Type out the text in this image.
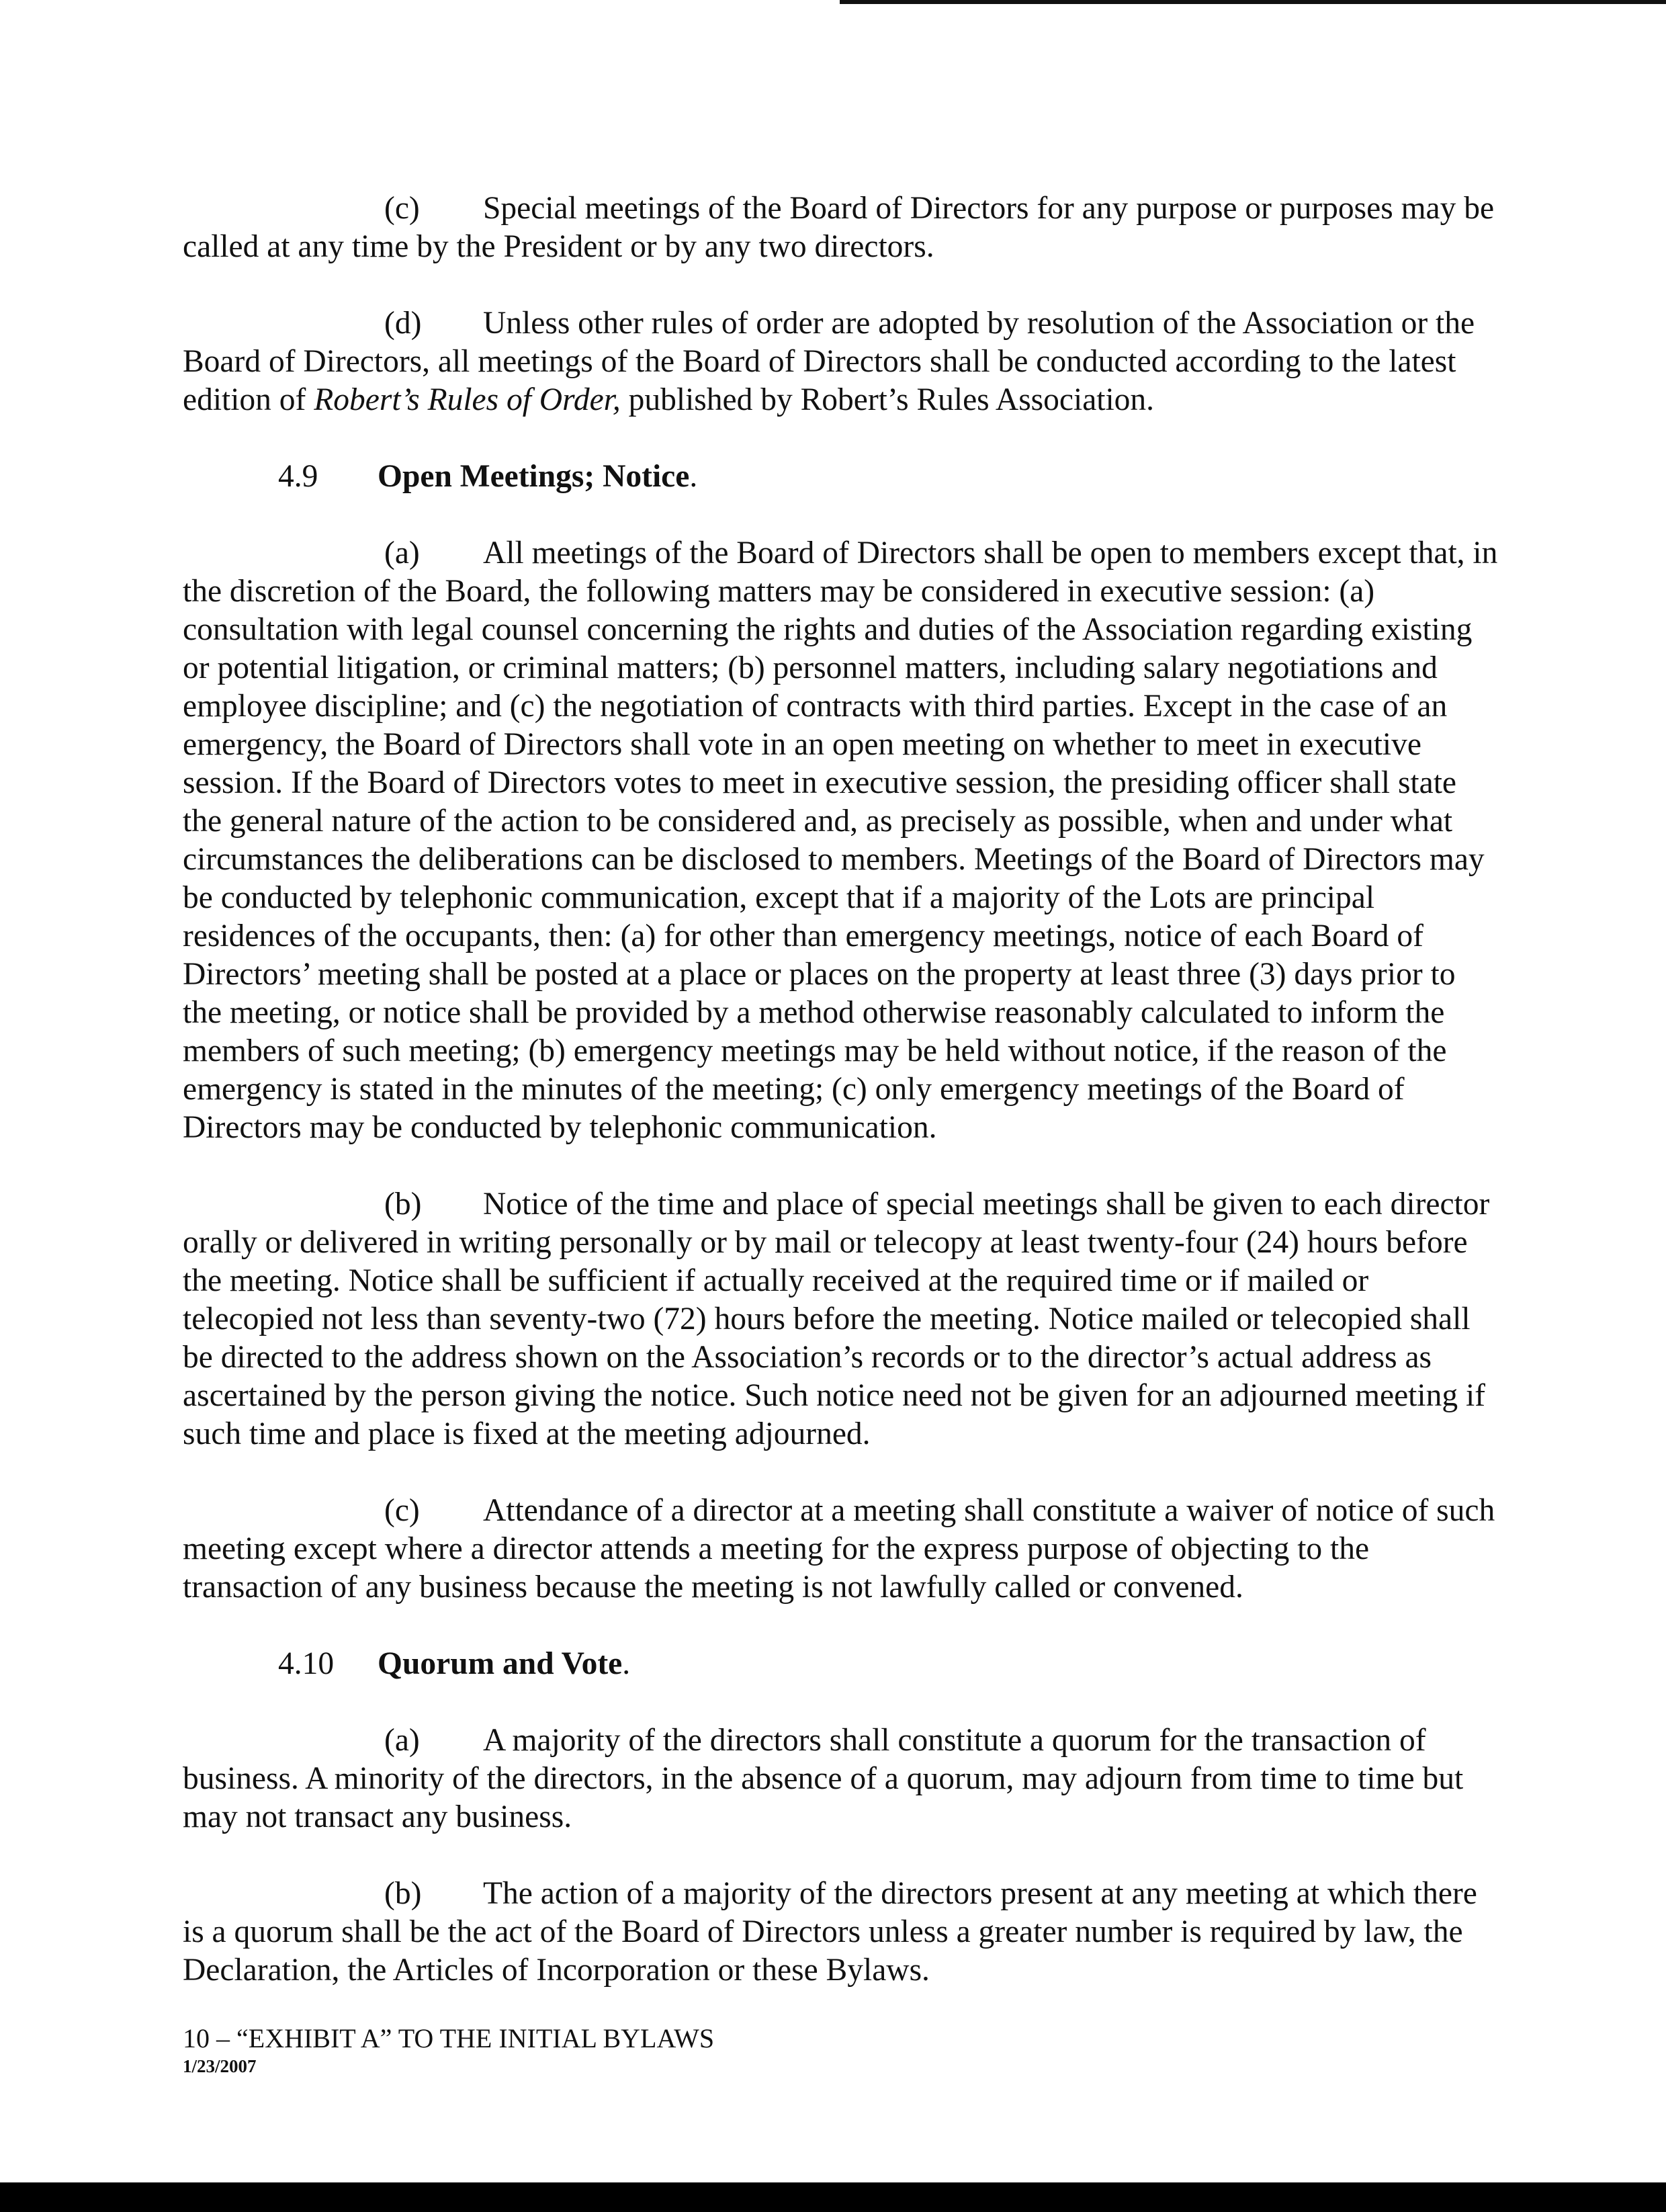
(c) Special meetings of the Board of Directors for any purpose or purposes may be called at any time by the President or by any two directors.

(d) Unless other rules of order are adopted by resolution of the Association or the Board of Directors, all meetings of the Board of Directors shall be conducted according to the latest edition of Robert’s Rules of Order, published by Robert’s Rules Association.

4.9 Open Meetings; Notice.

(a) All meetings of the Board of Directors shall be open to members except that, in the discretion of the Board, the following matters may be considered in executive session: (a) consultation with legal counsel concerning the rights and duties of the Association regarding existing or potential litigation, or criminal matters; (b) personnel matters, including salary negotiations and employee discipline; and (c) the negotiation of contracts with third parties. Except in the case of an emergency, the Board of Directors shall vote in an open meeting on whether to meet in executive session. If the Board of Directors votes to meet in executive session, the presiding officer shall state the general nature of the action to be considered and, as precisely as possible, when and under what circumstances the deliberations can be disclosed to members. Meetings of the Board of Directors may be conducted by telephonic communication, except that if a majority of the Lots are principal residences of the occupants, then: (a) for other than emergency meetings, notice of each Board of Directors’ meeting shall be posted at a place or places on the property at least three (3) days prior to the meeting, or notice shall be provided by a method otherwise reasonably calculated to inform the members of such meeting; (b) emergency meetings may be held without notice, if the reason of the emergency is stated in the minutes of the meeting; (c) only emergency meetings of the Board of Directors may be conducted by telephonic communication.

(b) Notice of the time and place of special meetings shall be given to each director orally or delivered in writing personally or by mail or telecopy at least twenty-four (24) hours before the meeting. Notice shall be sufficient if actually received at the required time or if mailed or telecopied not less than seventy-two (72) hours before the meeting. Notice mailed or telecopied shall be directed to the address shown on the Association’s records or to the director’s actual address as ascertained by the person giving the notice. Such notice need not be given for an adjourned meeting if such time and place is fixed at the meeting adjourned.

(c) Attendance of a director at a meeting shall constitute a waiver of notice of such meeting except where a director attends a meeting for the express purpose of objecting to the transaction of any business because the meeting is not lawfully called or convened.

4.10 Quorum and Vote.

(a) A majority of the directors shall constitute a quorum for the transaction of business. A minority of the directors, in the absence of a quorum, may adjourn from time to time but may not transact any business.

(b) The action of a majority of the directors present at any meeting at which there is a quorum shall be the act of the Board of Directors unless a greater number is required by law, the Declaration, the Articles of Incorporation or these Bylaws.

10 – “EXHIBIT A” TO THE INITIAL BYLAWS
1/23/2007
